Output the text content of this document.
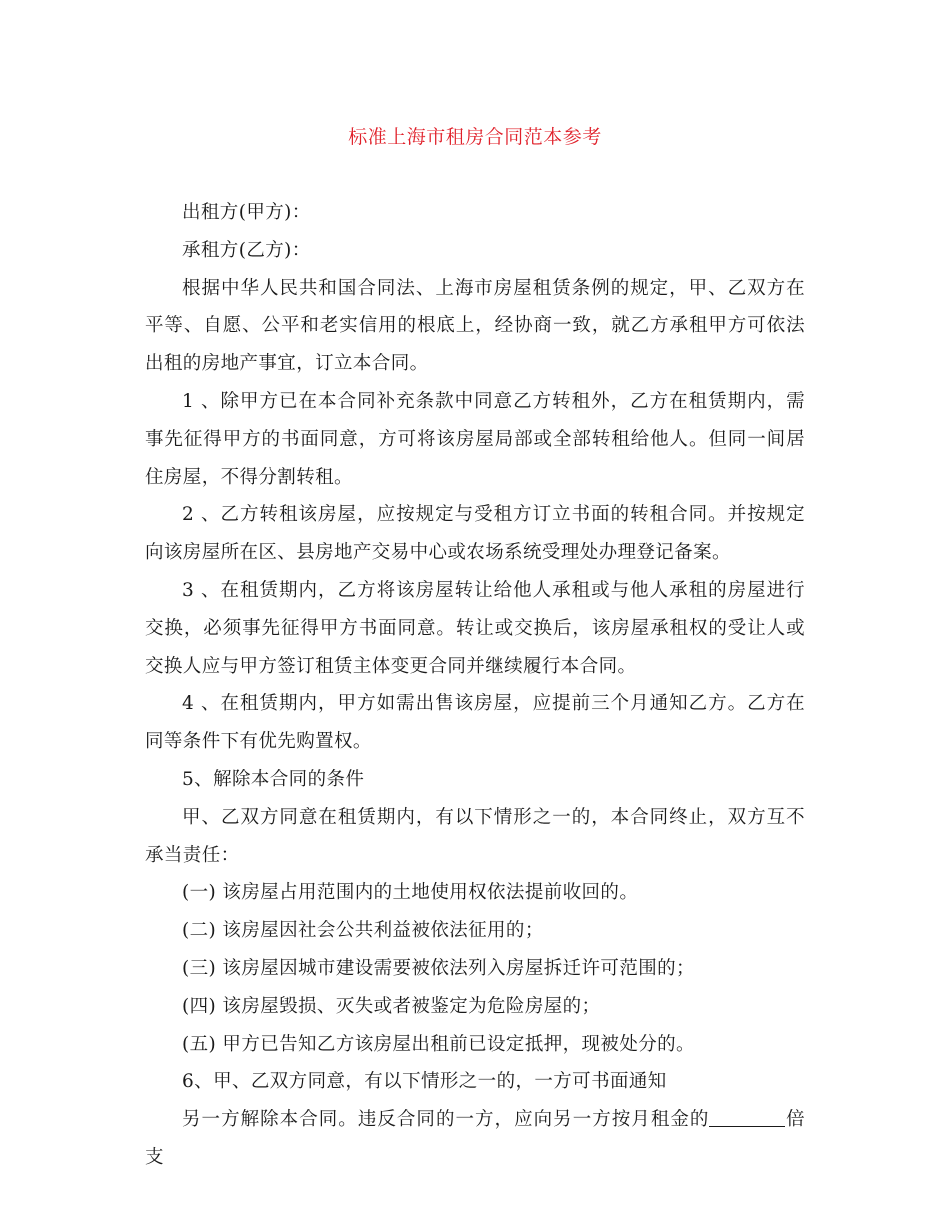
标准上海市租房合同范本参考

出租方(甲方)：

承租方(乙方)：

根据中华人民共和国合同法、上海市房屋租赁条例的规定，甲、乙双方在平等、自愿、公平和老实信用的根底上，经协商一致，就乙方承租甲方可依法出租的房地产事宜，订立本合同。

1 、除甲方已在本合同补充条款中同意乙方转租外，乙方在租赁期内，需事先征得甲方的书面同意，方可将该房屋局部或全部转租给他人。但同一间居住房屋，不得分割转租。

2 、乙方转租该房屋，应按规定与受租方订立书面的转租合同。并按规定向该房屋所在区、县房地产交易中心或农场系统受理处办理登记备案。

3 、在租赁期内，乙方将该房屋转让给他人承租或与他人承租的房屋进行交换，必须事先征得甲方书面同意。转让或交换后，该房屋承租权的受让人或交换人应与甲方签订租赁主体变更合同并继续履行本合同。

4 、在租赁期内，甲方如需出售该房屋，应提前三个月通知乙方。乙方在同等条件下有优先购置权。

5、解除本合同的条件

甲、乙双方同意在租赁期内，有以下情形之一的，本合同终止，双方互不承当责任：

(一) 该房屋占用范围内的土地使用权依法提前收回的。

(二) 该房屋因社会公共利益被依法征用的；

(三) 该房屋因城市建设需要被依法列入房屋拆迁许可范围的；

(四) 该房屋毁损、灭失或者被鉴定为危险房屋的；

(五) 甲方已告知乙方该房屋出租前已设定抵押，现被处分的。

6、甲、乙双方同意，有以下情形之一的，一方可书面通知

另一方解除本合同。违反合同的一方，应向另一方按月租金的	倍支
